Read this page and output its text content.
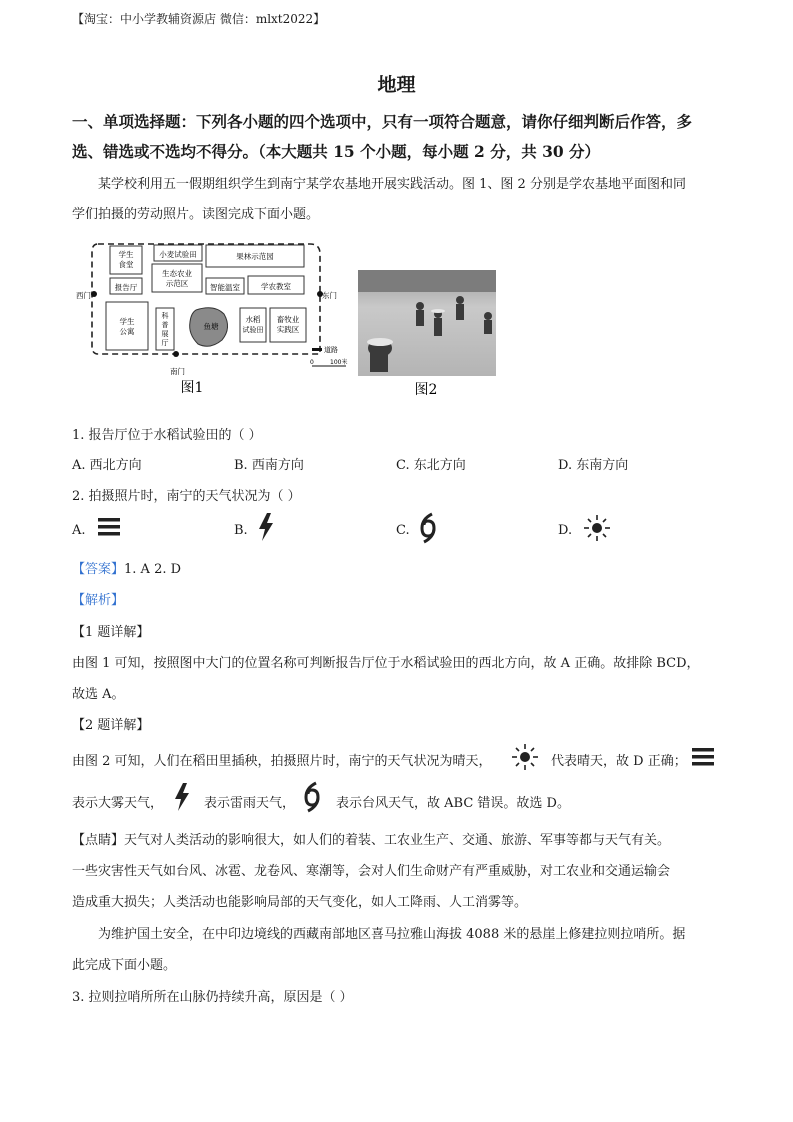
【淘宝：中小学教辅资源店 微信：mlxt2022】
地理
一、单项选择题：下列各小题的四个选项中，只有一项符合题意，请你仔细判断后作答，多
选、错选或不选均不得分。（本大题共 15 个小题，每小题 2 分，共 30 分）
某学校利用五一假期组织学生到南宁某学农基地开展实践活动。图 1、图 2 分别是学农基地平面图和同
学们拍摄的劳动照片。读图完成下面小题。
学生
食堂
小麦试验田	果林示范园
生态农业
示范区
报告厅	智能温室	学农教室
学生
公寓
科
普
展
厅
鱼塘
水稻
试验田
畜牧业
实践区
西门	东门
南门
道路
0	100米
图1	图2
1. 报告厅位于水稻试验田的（ ）
A. 西北方向	B. 西南方向	C. 东北方向	D. 东南方向
2. 拍摄照片时，南宁的天气状况为（ ）
A.	B.	C.	D.
【答案】1. A 2. D
【解析】
【1 题详解】
由图 1 可知，按照图中大门的位置名称可判断报告厅位于水稻试验田的西北方向，故 A 正确。故排除 BCD，
故选 A。
【2 题详解】
由图 2 可知，人们在稻田里插秧，拍摄照片时，南宁的天气状况为晴天，	代表晴天，故 D 正确；
表示大雾天气，	表示雷雨天气，	表示台风天气，故 ABC 错误。故选 D。
【点睛】天气对人类活动的影响很大，如人们的着装、工农业生产、交通、旅游、军事等都与天气有关。
一些灾害性天气如台风、冰雹、龙卷风、寒潮等，会对人们生命财产有严重威胁，对工农业和交通运输会
造成重大损失；人类活动也能影响局部的天气变化，如人工降雨、人工消雾等。
为维护国土安全，在中印边境线的西藏南部地区喜马拉雅山海拔 4088 米的悬崖上修建拉则拉哨所。据
此完成下面小题。
3. 拉则拉哨所所在山脉仍持续升高，原因是（ ）
